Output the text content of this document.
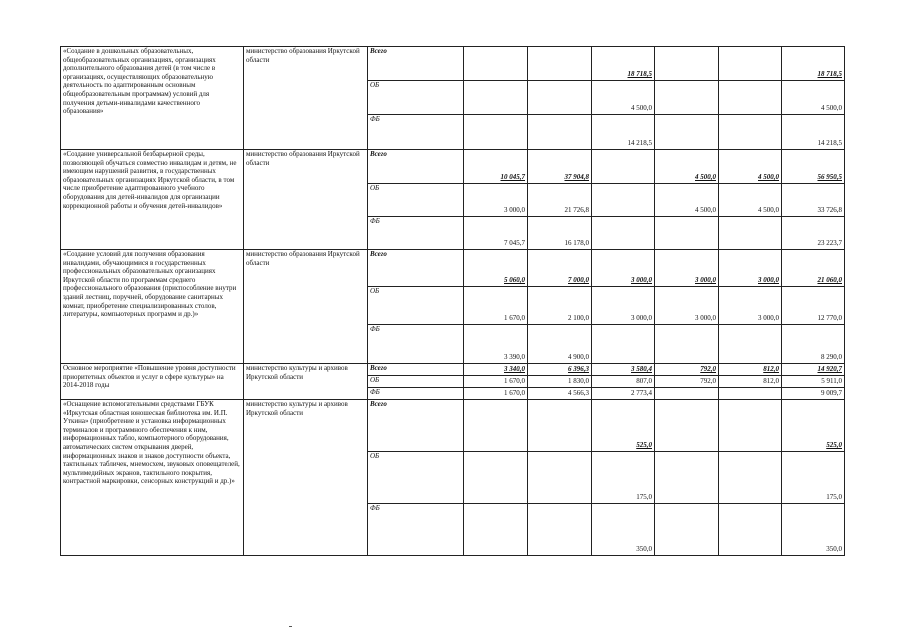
«Создание в дошкольных образовательных, общеобразовательных организациях, организациях дополнительного образования детей (в том числе в организациях, осуществляющих образовательную деятельность по адаптированным основным общеобразовательным программам) условий для получения детьми-инвалидами качественного образования»	министерство образования Иркутской области	Всего			18 718,5			18 718,5
		ОБ			4 500,0			4 500,0
		ФБ			14 218,5			14 218,5
«Создание универсальной безбарьерной среды, позволяющей обучаться совместно инвалидам и детям, не имеющим нарушений развития, в государственных образовательных организациях Иркутской области, в том числе приобретение адаптированного учебного оборудования для детей-инвалидов для организации коррекционной работы и обучения детей-инвалидов»	министерство образования Иркутской области	Всего	10 045,7	37 904,8		4 500,0	4 500,0	56 950,5
		ОБ	3 000,0	21 726,8		4 500,0	4 500,0	33 726,8
		ФБ	7 045,7	16 178,0				23 223,7
«Создание условий для получения образования инвалидами, обучающимися в государственных профессиональных образовательных организациях Иркутской области по программам среднего профессионального образования (приспособление внутри зданий лестниц, поручней, оборудование санитарных комнат, приобретение специализированных столов, литературы, компьютерных программ и др.)»	министерство образования Иркутской области	Всего	5 060,0	7 000,0	3 000,0	3 000,0	3 000,0	21 060,0
		ОБ	1 670,0	2 100,0	3 000,0	3 000,0	3 000,0	12 770,0
		ФБ	3 390,0	4 900,0				8 290,0
Основное мероприятие «Повышение уровня доступности приоритетных объектов и услуг в сфере культуры» на 2014-2018 годы	министерство культуры и архивов Иркутской области	Всего	3 340,0	6 396,3	3 580,4	792,0	812,0	14 920,7
		ОБ	1 670,0	1 830,0	807,0	792,0	812,0	5 911,0
		ФБ	1 670,0	4 566,3	2 773,4			9 009,7
«Оснащение вспомогательными средствами ГБУК «Иркутская областная юношеская библиотека им. И.П. Уткина» (приобретение и установка информационных терминалов и программного обеспечения к ним, информационных табло, компьютерного оборудования, автоматических систем открывания дверей, информационных знаков и знаков доступности объекта, тактильных табличек, мнемосхем, звуковых оповещателей, мультимедийных экранов, тактильного покрытия, контрастной маркировки, сенсорных конструкций и др.)»	министерство культуры и архивов Иркутской области	Всего			525,0			525,0
		ОБ			175,0			175,0
		ФБ			350,0			350,0
